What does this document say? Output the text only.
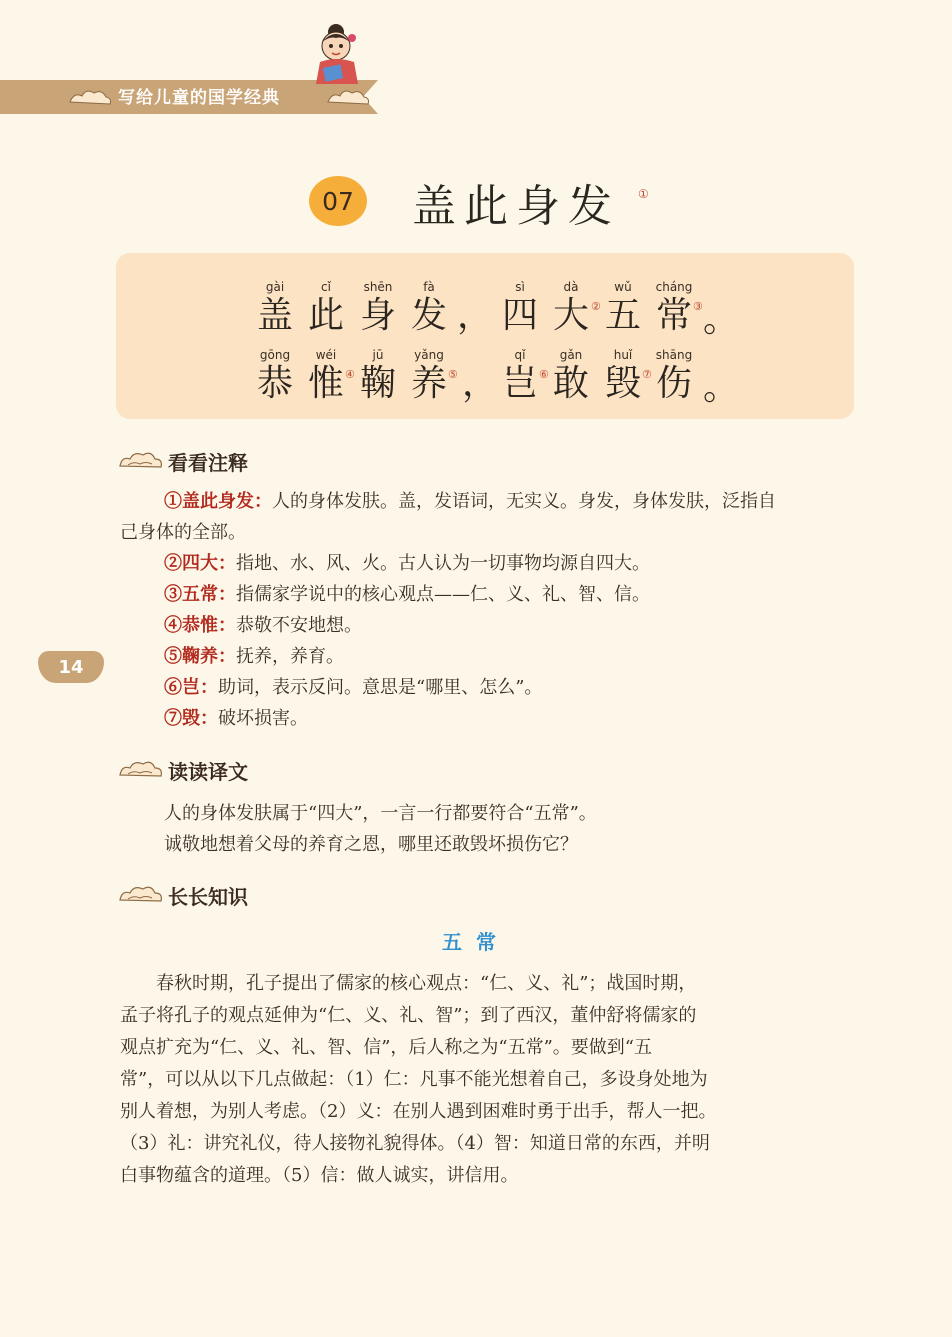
写给儿童的国学经典
07 盖此身发 ①
gài
盖
cǐ
此
shēn
身
fà
发 ，
sì
四
dà
大 ②
wǔ
五
cháng
常 ③ 。
gōng
恭
wéi
惟 ④
jū
鞠
yǎng
养 ⑤ ，
qǐ
岂 ⑥
gǎn
敢
huǐ
毁 ⑦
shāng
伤 。
看看注释
①盖此身发：人的身体发肤。盖，发语词，无实义。身发，身体发肤，泛指自
己身体的全部。
②四大：指地、水、风、火。古人认为一切事物均源自四大。
③五常：指儒家学说中的核心观点——仁、义、礼、智、信。
④恭惟：恭敬不安地想。
⑤鞠养：抚养，养育。
⑥岂：助词，表示反问。意思是“哪里、怎么”。
⑦毁：破坏损害。
14
读读译文
人的身体发肤属于“四大”，一言一行都要符合“五常”。
诚敬地想着父母的养育之恩，哪里还敢毁坏损伤它？
长长知识
五常
　　春秋时期，孔子提出了儒家的核心观点：“仁、义、礼”；战国时期，
孟子将孔子的观点延伸为“仁、义、礼、智”；到了西汉，董仲舒将儒家的
观点扩充为“仁、义、礼、智、信”，后人称之为“五常”。要做到“五
常”，可以从以下几点做起：（1）仁：凡事不能光想着自己，多设身处地为
别人着想，为别人考虑。（2）义：在别人遇到困难时勇于出手，帮人一把。
（3）礼：讲究礼仪，待人接物礼貌得体。（4）智：知道日常的东西，并明
白事物蕴含的道理。（5）信：做人诚实，讲信用。
